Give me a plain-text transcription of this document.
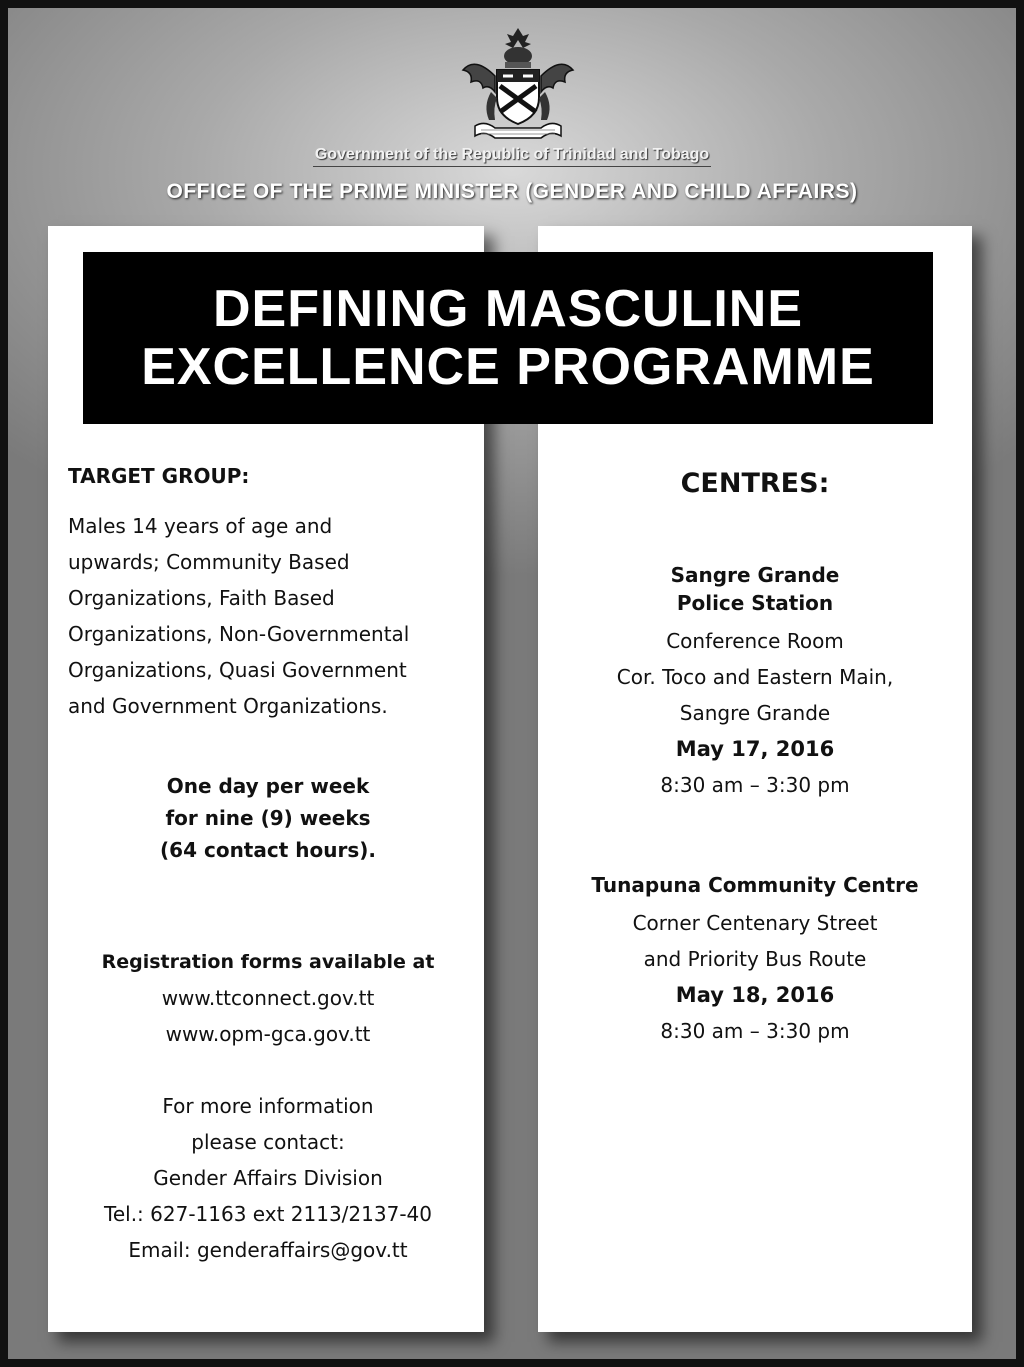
Government of the Republic of Trinidad and Tobago
OFFICE OF THE PRIME MINISTER (GENDER AND CHILD AFFAIRS)
DEFINING MASCULINE
EXCELLENCE PROGRAMME

TARGET GROUP:

Males 14 years of age and

upwards; Community Based

Organizations, Faith Based

Organizations, Non-Governmental

Organizations, Quasi Government

and Government Organizations.

One day per week
for nine (9) weeks
(64 contact hours).
Registration forms available at
www.ttconnect.gov.tt
www.opm-gca.gov.tt
For more information
please contact:
Gender Affairs Division
Tel.: 627-1163 ext 2113/2137-40
Email: genderaffairs@gov.tt

CENTRES:

Sangre Grande
Police Station
Conference Room
Cor. Toco and Eastern Main,
Sangre Grande
May 17, 2016
8:30 am – 3:30 pm
Tunapuna Community Centre
Corner Centenary Street
and Priority Bus Route
May 18, 2016
8:30 am – 3:30 pm
